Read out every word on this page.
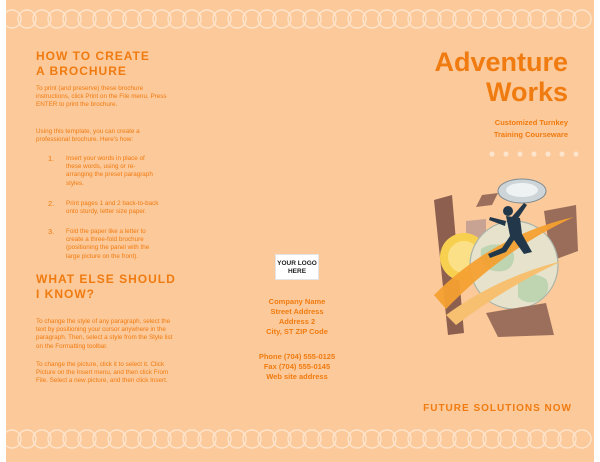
HOW TO CREATE
A BROCHURE

To print (and preserve) these brochure
instructions, click Print on the File menu. Press
ENTER to print the brochure.

Using this template, you can create a
professional brochure. Here's how:

1. Insert your words in place of
these words, using or re-
arranging the preset paragraph
styles.
2. Print pages 1 and 2 back-to-back
onto sturdy, letter size paper.
3. Fold the paper like a letter to
create a three-fold brochure
(positioning the panel with the
large picture on the front).
WHAT ELSE SHOULD
I KNOW?

To change the style of any paragraph, select the
text by positioning your cursor anywhere in the
paragraph. Then, select a style from the Style list
on the Formatting toolbar.

To change the picture, click it to select it. Click
Picture on the Insert menu, and then click From
File. Select a new picture, and then click Insert.

YOUR LOGO
HERE
Company Name
Street Address
Address 2
City, ST ZIP Code
Phone (704) 555-0125
Fax (704) 555-0145
Web site address
Adventure
Works
Customized Turnkey
Training Courseware
FUTURE SOLUTIONS NOW
